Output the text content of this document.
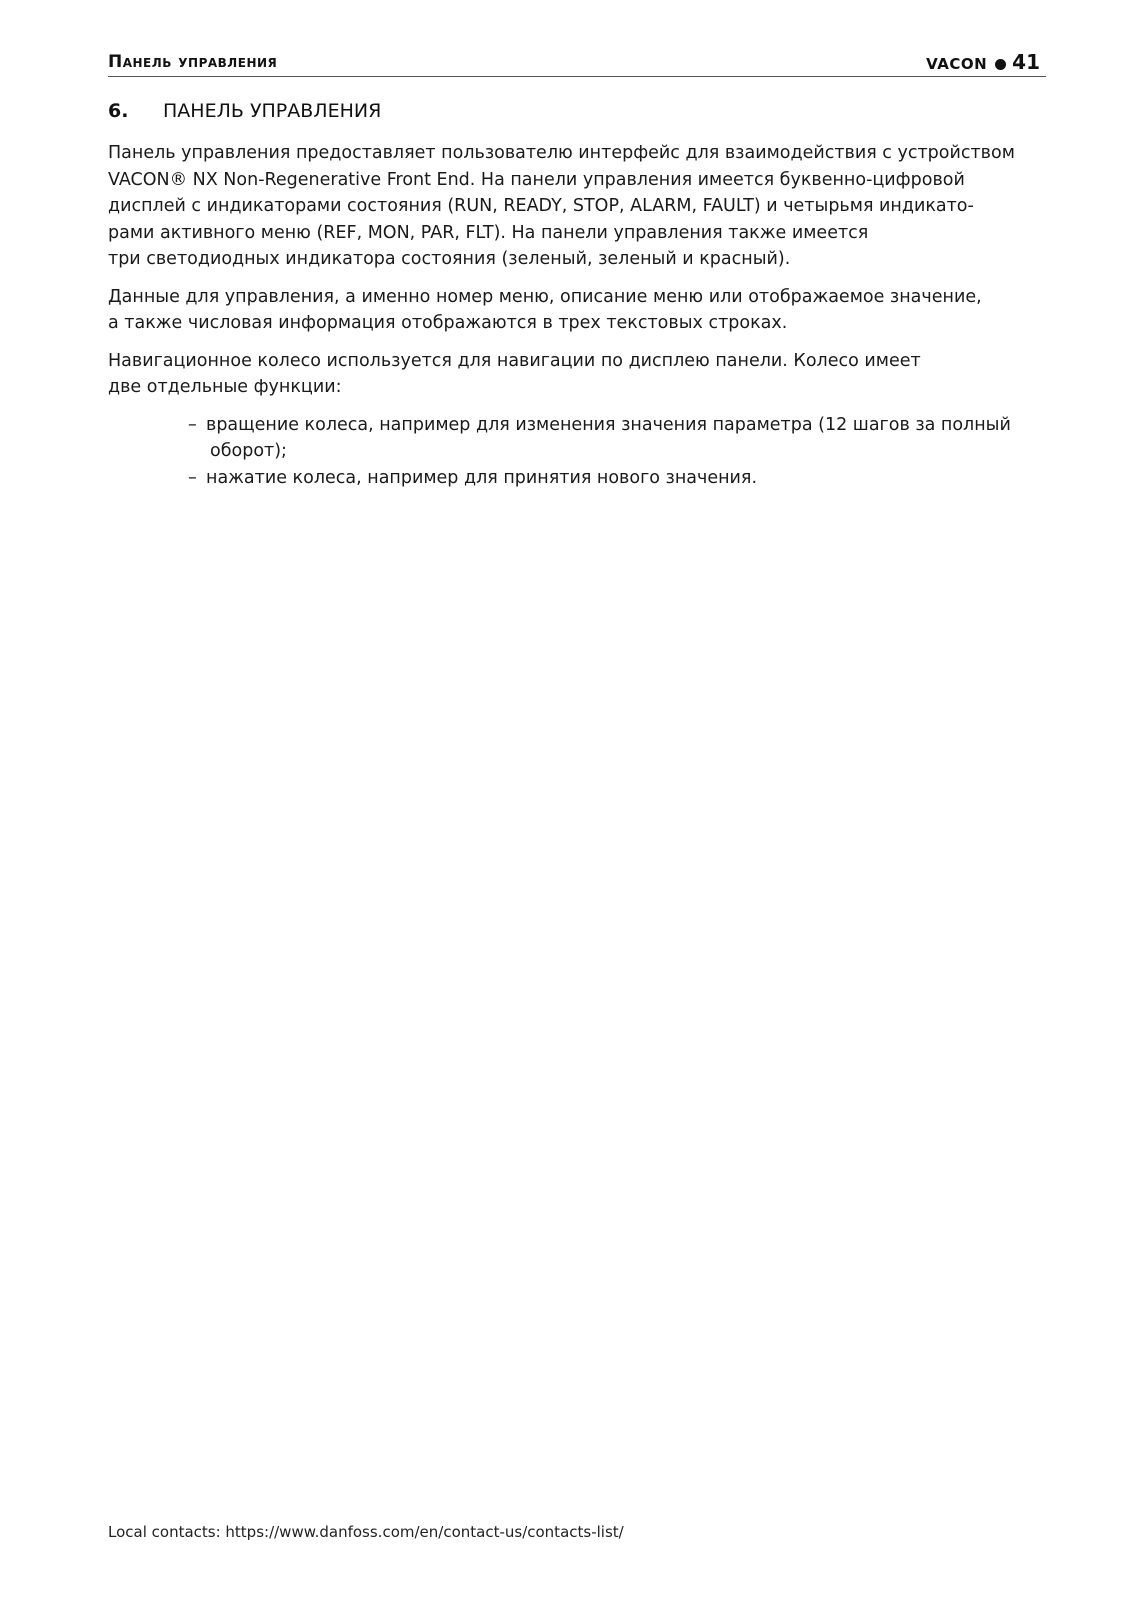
Панель управления	VACON 41
6. ПАНЕЛЬ УПРАВЛЕНИЯ

Панель управления предоставляет пользователю интерфейс для взаимодействия с устройством
VACON® NX Non-Regenerative Front End. На панели управления имеется буквенно-цифровой
дисплей с индикаторами состояния (RUN, READY, STOP, ALARM, FAULT) и четырьмя индикато-
рами активного меню (REF, MON, PAR, FLT). На панели управления также имеется
три светодиодных индикатора состояния (зеленый, зеленый и красный).

Данные для управления, а именно номер меню, описание меню или отображаемое значение,
а также числовая информация отображаются в трех текстовых строках.

Навигационное колесо используется для навигации по дисплею панели. Колесо имеет
две отдельные функции:

– вращение колеса, например для изменения значения параметра (12 шагов за полный
оборот);
– нажатие колеса, например для принятия нового значения.
Local contacts: https://www.danfoss.com/en/contact-us/contacts-list/
